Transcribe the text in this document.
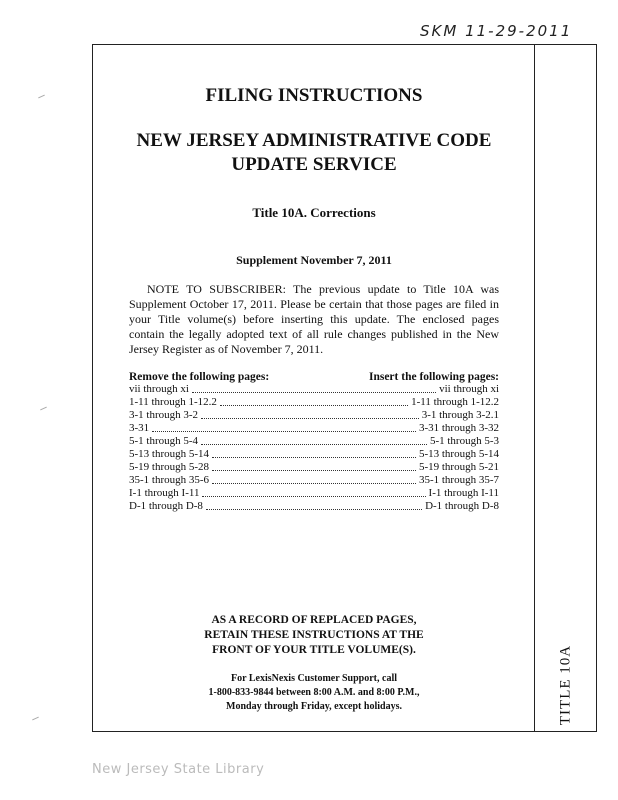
SKM 11-29-2011
FILING INSTRUCTIONS
NEW JERSEY ADMINISTRATIVE CODE
UPDATE SERVICE
Title 10A. Corrections
Supplement November 7, 2011
NOTE TO SUBSCRIBER: The previous update to Title 10A was Supplement October 17, 2011. Please be certain that those pages are filed in your Title volume(s) before inserting this update. The enclosed pages contain the legally adopted text of all rule changes published in the New Jersey Register as of November 7, 2011.
Remove the following pages:	Insert the following pages:
vii through xi	vii through xi
1-11 through 1-12.2	1-11 through 1-12.2
3-1 through 3-2	3-1 through 3-2.1
3-31	3-31 through 3-32
5-1 through 5-4	5-1 through 5-3
5-13 through 5-14	5-13 through 5-14
5-19 through 5-28	5-19 through 5-21
35-1 through 35-6	35-1 through 35-7
I-1 through I-11	I-1 through I-11
D-1 through D-8	D-1 through D-8
AS A RECORD OF REPLACED PAGES,
RETAIN THESE INSTRUCTIONS AT THE
FRONT OF YOUR TITLE VOLUME(S).
For LexisNexis Customer Support, call
1-800-833-9844 between 8:00 A.M. and 8:00 P.M.,
Monday through Friday, except holidays.	TITLE 10A
New Jersey State Library
